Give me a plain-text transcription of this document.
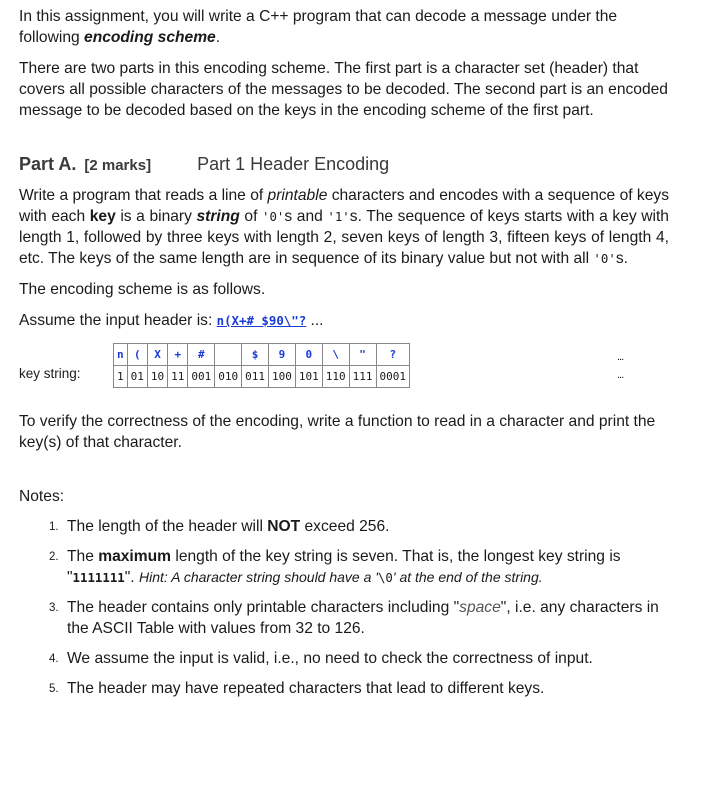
In this assignment, you will write a C++ program that can decode a message under the following encoding scheme.

There are two parts in this encoding scheme. The first part is a character set (header) that covers all possible characters of the messages to be decoded. The second part is an encoded message to be decoded based on the keys in the encoding scheme of the first part.

Part A. [2 marks]	Part 1 Header Encoding

Write a program that reads a line of printable characters and encodes with a sequence of keys with each key is a binary string of '0's and '1's. The sequence of keys starts with a key with length 1, followed by three keys with length 2, seven keys of length 3, fifteen keys of length 4, etc. The keys of the same length are in sequence of its binary value but not with all '0's.

The encoding scheme is as follows.

Assume the input header is: n(X+# $90\"? ...

key string:
n	(	X	+	#		$	9	0	\	"	?
1	01	10	11	001	010	011	100	101	110	111	0001
...
...

To verify the correctness of the encoding, write a function to read in a character and print the key(s) of that character.

Notes:

1. The length of the header will NOT exceed 256.
2. The maximum length of the key string is seven. That is, the longest key string is "1111111". Hint: A character string should have a '\0' at the end of the string.
3. The header contains only printable characters including "space", i.e. any characters in the ASCII Table with values from 32 to 126.
4. We assume the input is valid, i.e., no need to check the correctness of input.
5. The header may have repeated characters that lead to different keys.
